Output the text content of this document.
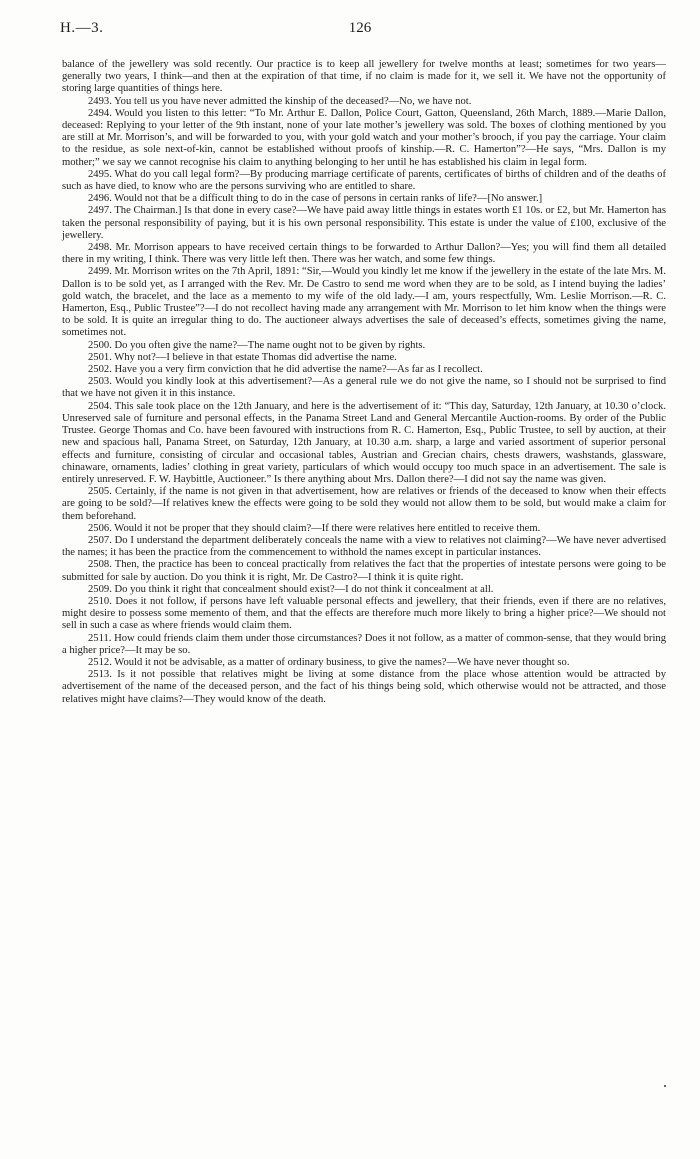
H.—3.	126

balance of the jewellery was sold recently. Our practice is to keep all jewellery for twelve months at least; sometimes for two years—generally two years, I think—and then at the expiration of that time, if no claim is made for it, we sell it. We have not the opportunity of storing large quantities of things here.

2493. You tell us you have never admitted the kinship of the deceased?—No, we have not.

2494. Would you listen to this letter: “To Mr. Arthur E. Dallon, Police Court, Gatton, Queensland, 26th March, 1889.—Marie Dallon, deceased: Replying to your letter of the 9th instant, none of your late mother’s jewellery was sold. The boxes of clothing mentioned by you are still at Mr. Morrison’s, and will be forwarded to you, with your gold watch and your mother’s brooch, if you pay the carriage. Your claim to the residue, as sole next-of-kin, cannot be established without proofs of kinship.—R. C. Hamerton”?—He says, “Mrs. Dallon is my mother;” we say we cannot recognise his claim to anything belonging to her until he has established his claim in legal form.

2495. What do you call legal form?—By producing marriage certificate of parents, certificates of births of children and of the deaths of such as have died, to know who are the persons surviving who are entitled to share.

2496. Would not that be a difficult thing to do in the case of persons in certain ranks of life?—[No answer.]

2497. The Chairman.] Is that done in every case?—We have paid away little things in estates worth £1 10s. or £2, but Mr. Hamerton has taken the personal responsibility of paying, but it is his own personal responsibility. This estate is under the value of £100, exclusive of the jewellery.

2498. Mr. Morrison appears to have received certain things to be forwarded to Arthur Dallon?—Yes; you will find them all detailed there in my writing, I think. There was very little left then. There was her watch, and some few things.

2499. Mr. Morrison writes on the 7th April, 1891: “Sir,—Would you kindly let me know if the jewellery in the estate of the late Mrs. M. Dallon is to be sold yet, as I arranged with the Rev. Mr. De Castro to send me word when they are to be sold, as I intend buying the ladies’ gold watch, the bracelet, and the lace as a memento to my wife of the old lady.—I am, yours respectfully, Wm. Leslie Morrison.—R. C. Hamerton, Esq., Public Trustee”?—I do not recollect having made any arrangement with Mr. Morrison to let him know when the things were to be sold. It is quite an irregular thing to do. The auctioneer always advertises the sale of deceased’s effects, sometimes giving the name, sometimes not.

2500. Do you often give the name?—The name ought not to be given by rights.

2501. Why not?—I believe in that estate Thomas did advertise the name.

2502. Have you a very firm conviction that he did advertise the name?—As far as I recollect.

2503. Would you kindly look at this advertisement?—As a general rule we do not give the name, so I should not be surprised to find that we have not given it in this instance.

2504. This sale took place on the 12th January, and here is the advertisement of it: “This day, Saturday, 12th January, at 10.30 o’clock. Unreserved sale of furniture and personal effects, in the Panama Street Land and General Mercantile Auction-rooms. By order of the Public Trustee. George Thomas and Co. have been favoured with instructions from R. C. Hamerton, Esq., Public Trustee, to sell by auction, at their new and spacious hall, Panama Street, on Saturday, 12th January, at 10.30 a.m. sharp, a large and varied assortment of superior personal effects and furniture, consisting of circular and occasional tables, Austrian and Grecian chairs, chests drawers, washstands, glassware, chinaware, ornaments, ladies’ clothing in great variety, particulars of which would occupy too much space in an advertisement. The sale is entirely unreserved. F. W. Haybittle, Auctioneer.” Is there anything about Mrs. Dallon there?—I did not say the name was given.

2505. Certainly, if the name is not given in that advertisement, how are relatives or friends of the deceased to know when their effects are going to be sold?—If relatives knew the effects were going to be sold they would not allow them to be sold, but would make a claim for them beforehand.

2506. Would it not be proper that they should claim?—If there were relatives here entitled to receive them.

2507. Do I understand the department deliberately conceals the name with a view to relatives not claiming?—We have never advertised the names; it has been the practice from the commencement to withhold the names except in particular instances.

2508. Then, the practice has been to conceal practically from relatives the fact that the properties of intestate persons were going to be submitted for sale by auction. Do you think it is right, Mr. De Castro?—I think it is quite right.

2509. Do you think it right that concealment should exist?—I do not think it concealment at all.

2510. Does it not follow, if persons have left valuable personal effects and jewellery, that their friends, even if there are no relatives, might desire to possess some memento of them, and that the effects are therefore much more likely to bring a higher price?—We should not sell in such a case as where friends would claim them.

2511. How could friends claim them under those circumstances? Does it not follow, as a matter of common-sense, that they would bring a higher price?—It may be so.

2512. Would it not be advisable, as a matter of ordinary business, to give the names?—We have never thought so.

2513. Is it not possible that relatives might be living at some distance from the place whose attention would be attracted by advertisement of the name of the deceased person, and the fact of his things being sold, which otherwise would not be attracted, and those relatives might have claims?—They would know of the death.
